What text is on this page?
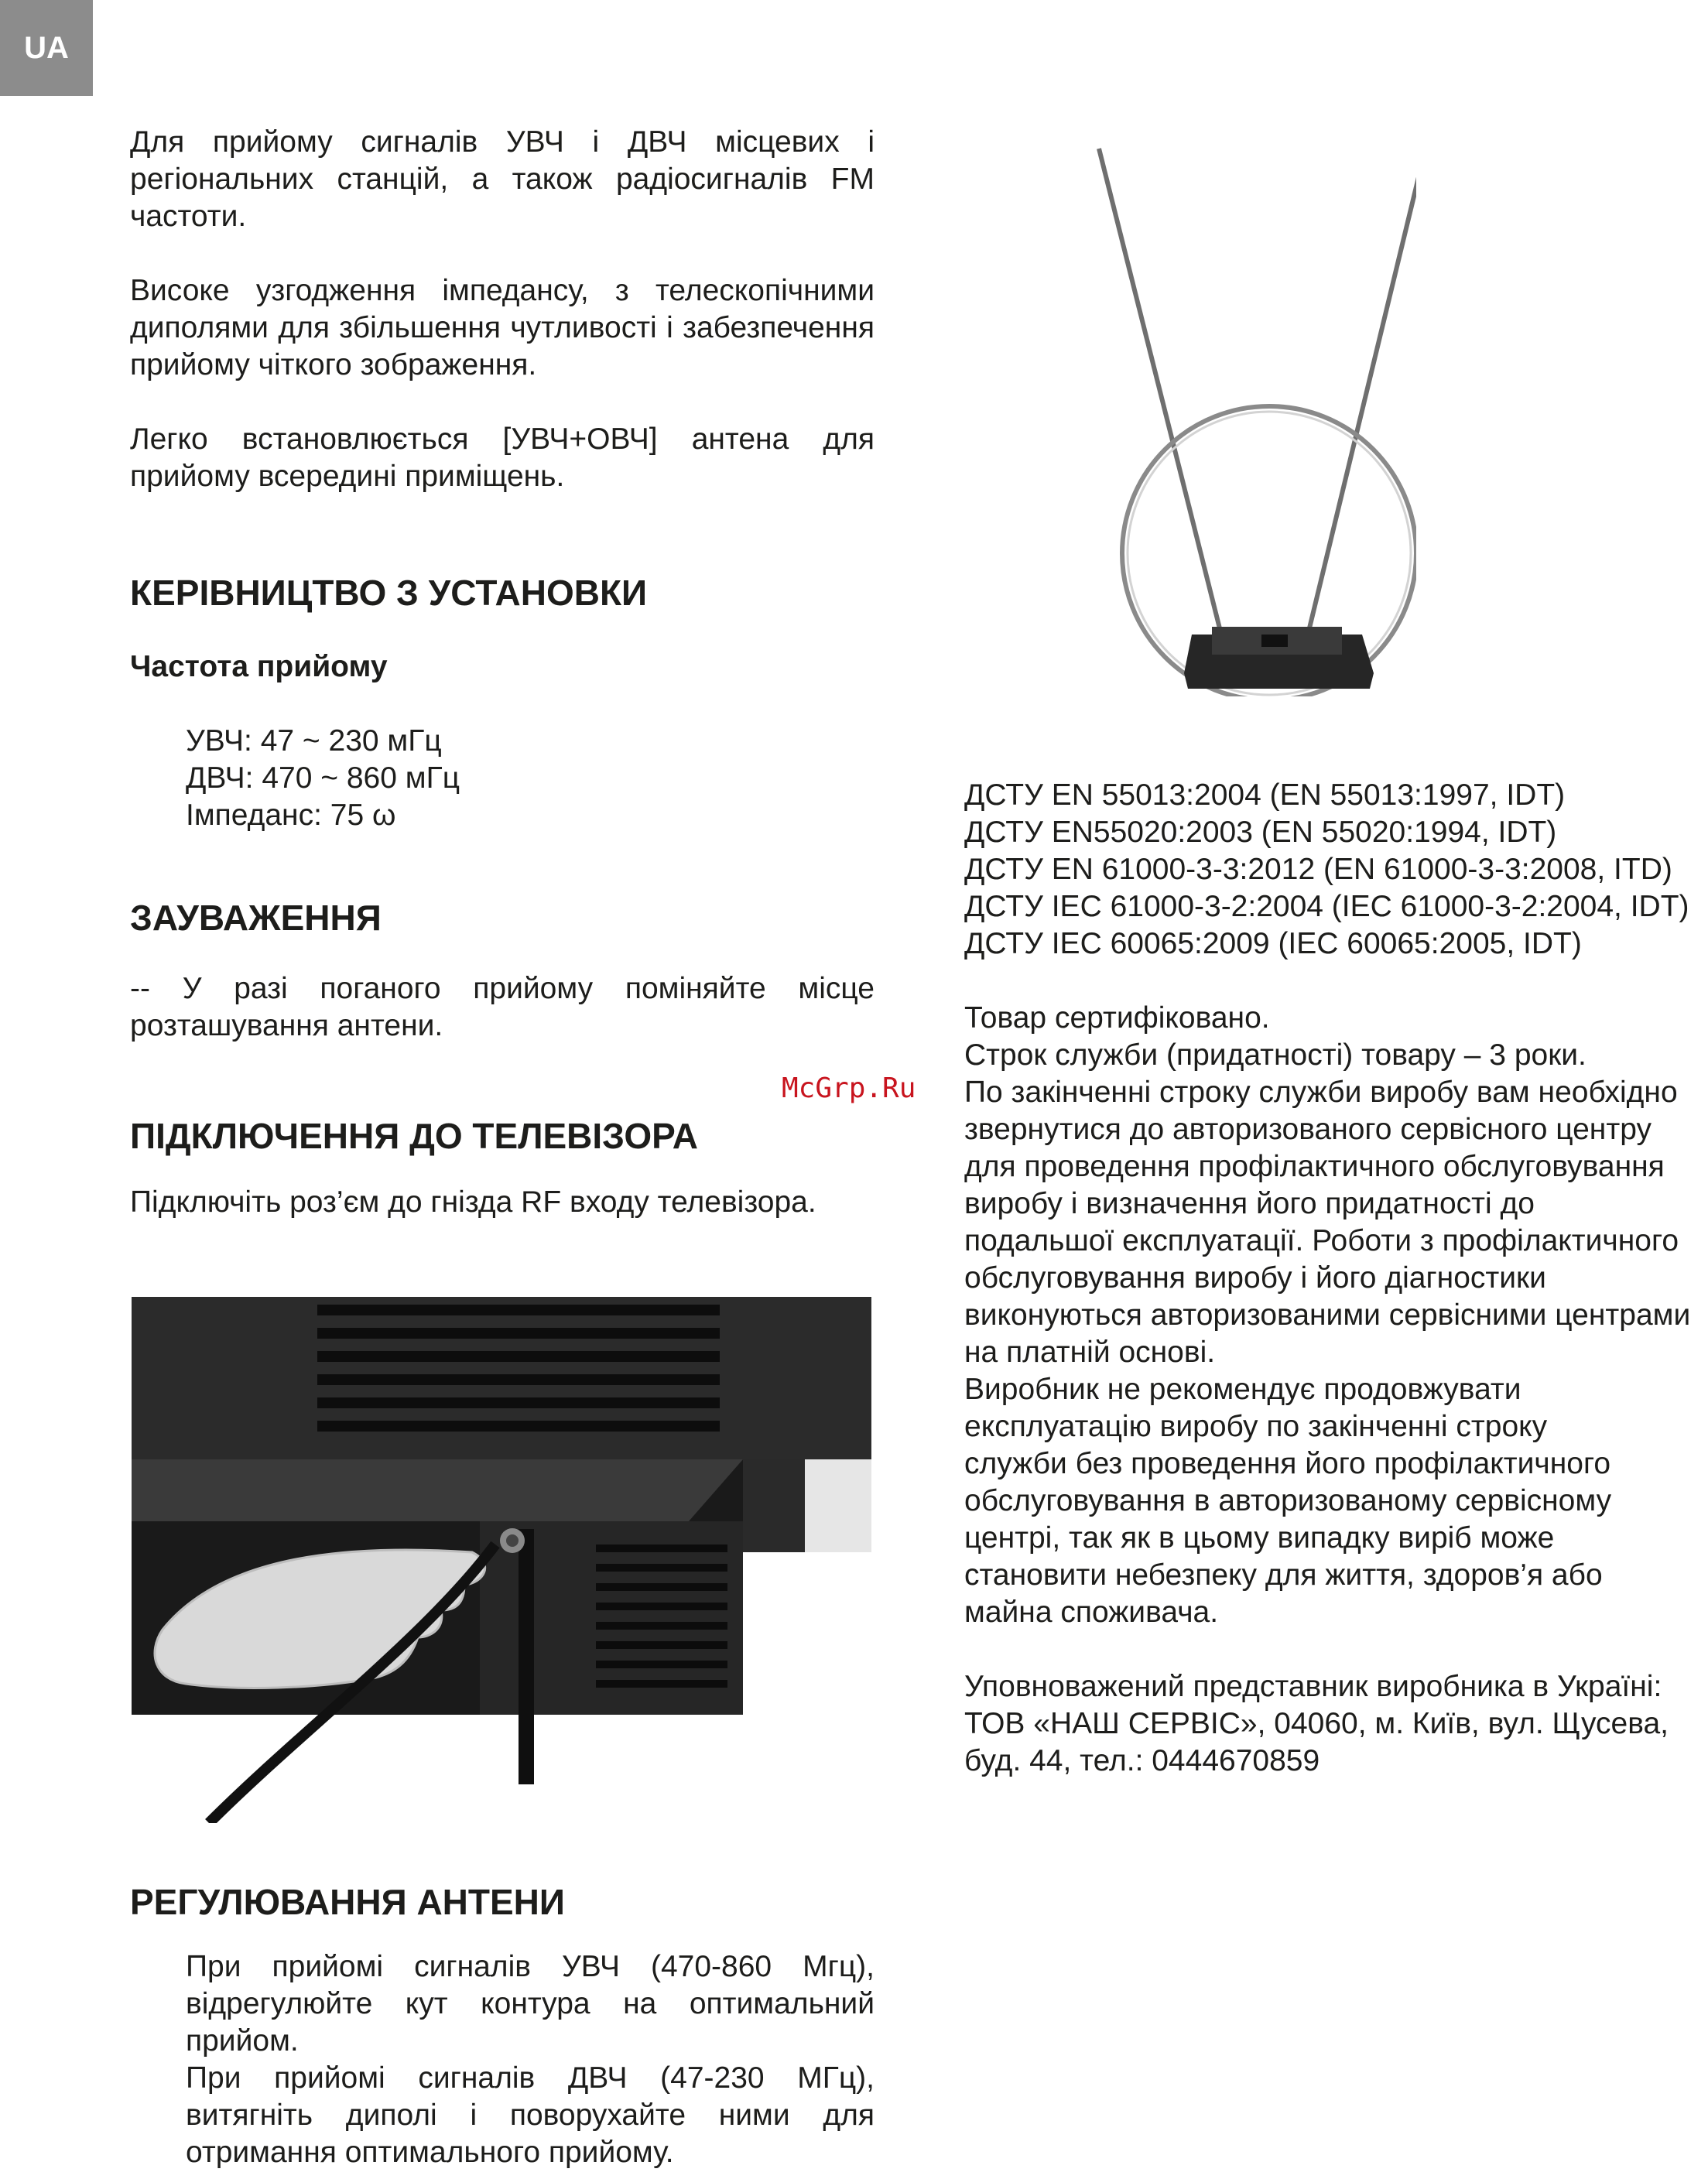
UA

Для прийому сигналів УВЧ і ДВЧ місцевих і регіональних станцій, а також радіосигналів FM частоти.

Високе узгодження імпедансу, з телескопічними диполями для збільшення чутливості і забезпечення прийому чіткого зображення.

Легко встановлюється [УВЧ+ОВЧ] антена для прийому всередині приміщень.

КЕРІВНИЦТВО З УСТАНОВКИ
Частота прийому
УВЧ: 47 ~ 230 мГц
ДВЧ: 470 ~ 860 мГц
Імпеданс: 75 ω
ЗАУВАЖЕННЯ

-- У разі поганого прийому поміняйте місце розташування антени.

ПІДКЛЮЧЕННЯ ДО ТЕЛЕВІЗОРА

Підключіть роз’єм до гнізда RF входу телевізора.

РЕГУЛЮВАННЯ АНТЕНИ

При прийомі сигналів УВЧ (470-860 Мгц), відрегулюйте кут контура на оптимальний прийом.

При прийомі сигналів ДВЧ (47-230 МГц), витягніть диполі і поворухайте ними для отримання оптимального прийому.

ДСТУ EN 55013:2004 (EN 55013:1997, IDT)
ДСТУ EN55020:2003 (EN 55020:1994, IDT)
ДСТУ EN 61000-3-3:2012 (EN 61000-3-3:2008, ITD)
ДСТУ IEC 61000-3-2:2004 (IEC 61000-3-2:2004, IDT)
ДСТУ IEC 60065:2009 (IEC 60065:2005, IDT)
Товар сертифіковано.
Строк служби (придатності) товару – 3 роки.
По закінченні строку служби виробу вам необхідно
звернутися до авторизованого сервісного центру
для проведення профілактичного обслуговування
виробу і визначення його придатності до
подальшої експлуатації. Роботи з профілактичного
обслуговування виробу і його діагностики
виконуються авторизованими сервісними центрами
на платній основі.
Виробник не рекомендує продовжувати
експлуатацію виробу по закінченні строку
служби без проведення його профілактичного
обслуговування в авторизованому сервісному
центрі, так як в цьому випадку виріб може
становити небезпеку для життя, здоров’я або
майна споживача.
Уповноважений представник виробника в Україні:
ТОВ «НАШ СЕРВІС», 04060, м. Київ, вул. Щусева,
буд. 44, тел.: 0444670859
McGrp.Ru
